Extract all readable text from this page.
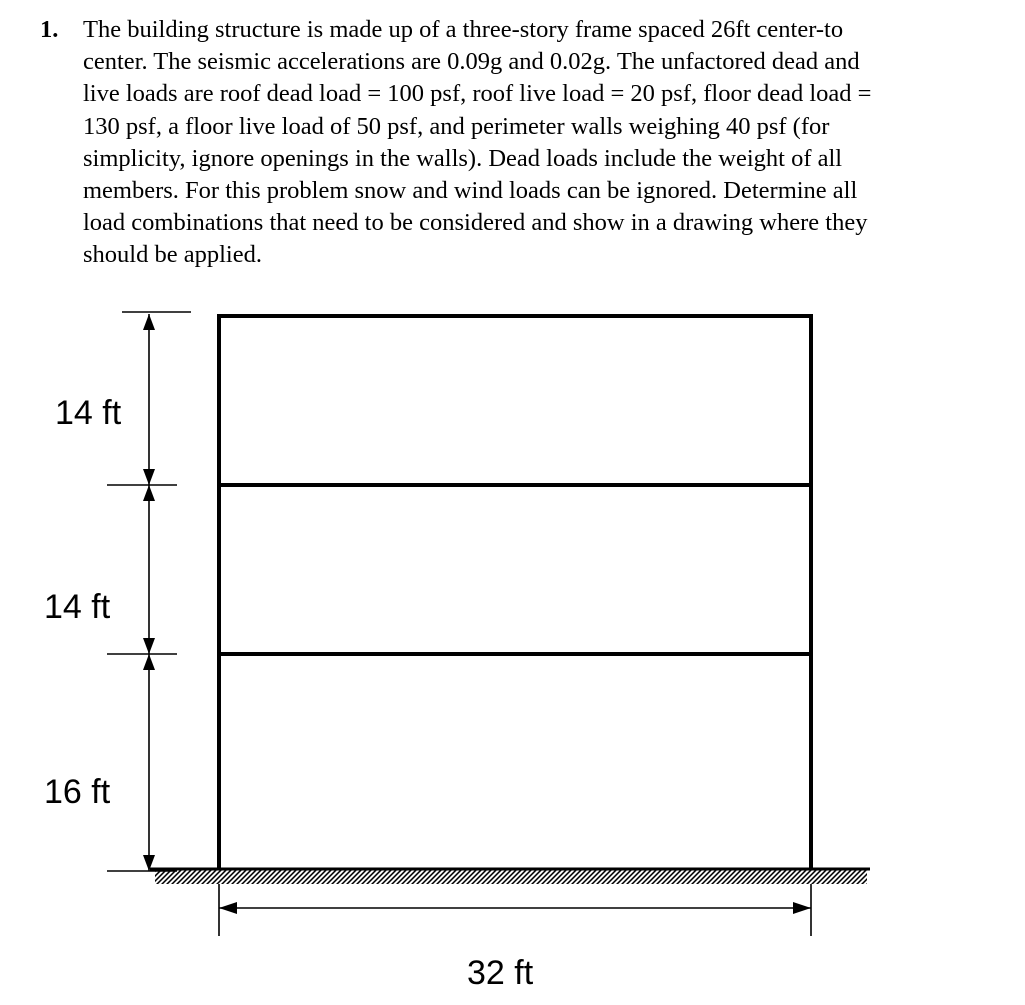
1. The building structure is made up of a three-story frame spaced 26ft center-to
center. The seismic accelerations are 0.09g and 0.02g. The unfactored dead and
live loads are roof dead load = 100 psf, roof live load = 20 psf, floor dead load =
130 psf, a floor live load of 50 psf, and perimeter walls weighing 40 psf (for
simplicity, ignore openings in the walls). Dead loads include the weight of all
members. For this problem snow and wind loads can be ignored. Determine all
load combinations that need to be considered and show in a drawing where they
should be applied.
14 ft
14 ft
16 ft
32 ft
